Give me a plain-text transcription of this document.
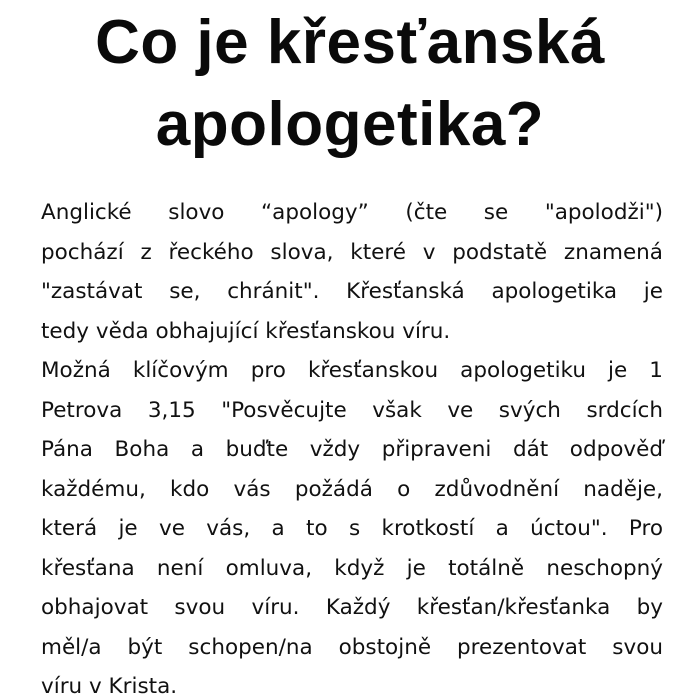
Co je křesťanská
apologetika?

Anglické slovo “apology” (čte se "apolodži")
pochází z řeckého slova, které v podstatě znamená
"zastávat se, chránit". Křesťanská apologetika je
tedy věda obhajující křesťanskou víru.

Možná klíčovým pro křesťanskou apologetiku je 1
Petrova 3,15 "Posvěcujte však ve svých srdcích
Pána Boha a buďte vždy připraveni dát odpověď
každému, kdo vás požádá o zdůvodnění naděje,
která je ve vás, a to s krotkostí a úctou". Pro
křesťana není omluva, když je totálně neschopný
obhajovat svou víru. Každý křesťan/křesťanka by
měl/a být schopen/na obstojně prezentovat svou
víru v Krista.
